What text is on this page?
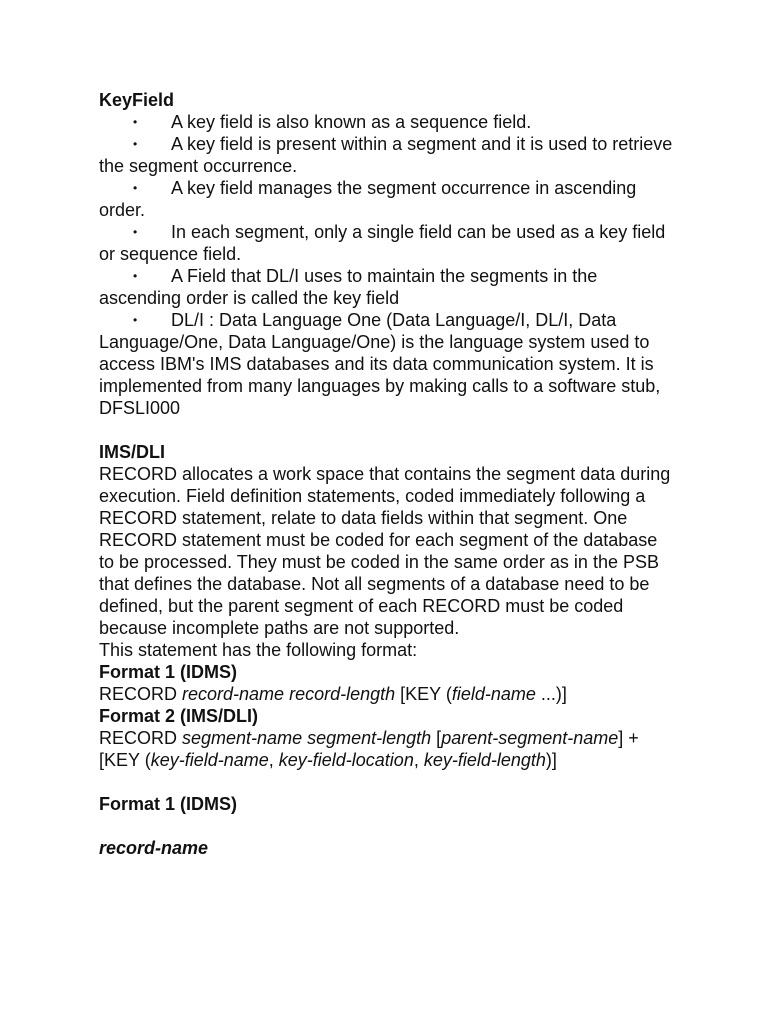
KeyField
• A key field is also known as a sequence field.
• A key field is present within a segment and it is used to retrieve the segment occurrence.
• A key field manages the segment occurrence in ascending order.
• In each segment, only a single field can be used as a key field or sequence field.
• A Field that DL/I uses to maintain the segments in the ascending order is called the key field
• DL/I : Data Language One (Data Language/I, DL/I, Data Language/One, Data Language/One) is the language system used to access IBM's IMS databases and its data communication system. It is implemented from many languages by making calls to a software stub, DFSLI000
IMS/DLI

RECORD allocates a work space that contains the segment data during execution. Field definition statements, coded immediately following a RECORD statement, relate to data fields within that segment. One RECORD statement must be coded for each segment of the database to be processed. They must be coded in the same order as in the PSB that defines the database. Not all segments of a database need to be defined, but the parent segment of each RECORD must be coded because incomplete paths are not supported.

This statement has the following format:
Format 1 (IDMS)
RECORD record-name record-length [KEY (field-name ...)]
Format 2 (IMS/DLI)
RECORD segment-name segment-length [parent-segment-name] + [KEY (key-field-name, key-field-location, key-field-length)]
Format 1 (IDMS)
record-name
